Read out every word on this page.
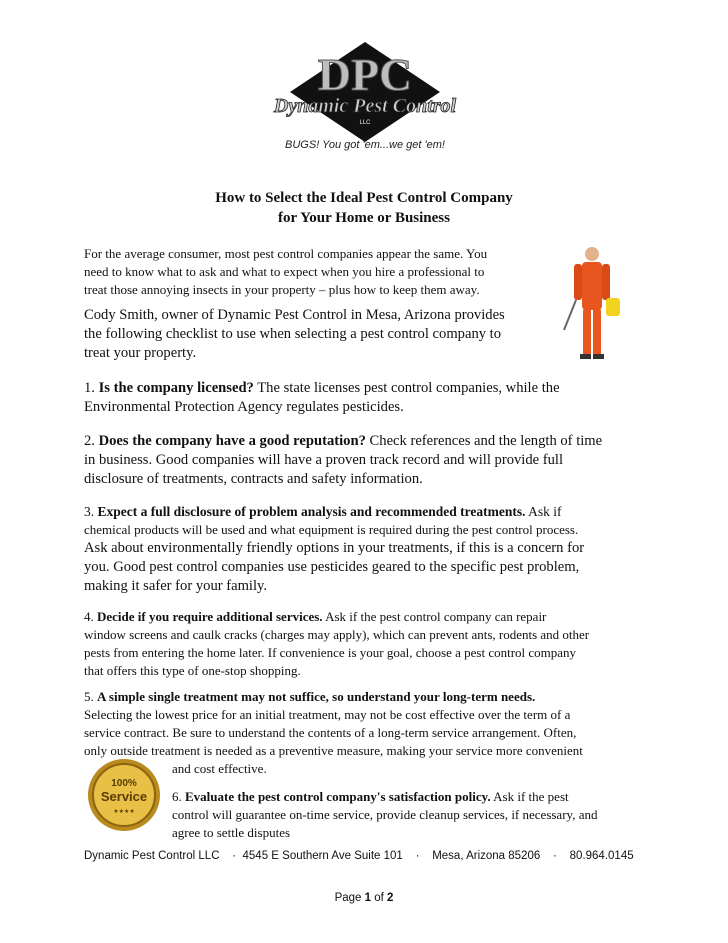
DPC
Dynamic Pest Control
LLC
BUGS! You got 'em...we get 'em!
How to Select the Ideal Pest Control Company
for Your Home or Business
For the average consumer, most pest control companies appear the same. You
need to know what to ask and what to expect when you hire a professional to
treat those annoying insects in your property – plus how to keep them away.
Cody Smith, owner of Dynamic Pest Control in Mesa, Arizona provides
the following checklist to use when selecting a pest control company to
treat your property.
1. Is the company licensed? The state licenses pest control companies, while the
Environmental Protection Agency regulates pesticides.
2. Does the company have a good reputation? Check references and the length of time
in business. Good companies will have a proven track record and will provide full
disclosure of treatments, contracts and safety information.
3. Expect a full disclosure of problem analysis and recommended treatments. Ask if
chemical products will be used and what equipment is required during the pest control process.
Ask about environmentally friendly options in your treatments, if this is a concern for
you. Good pest control companies use pesticides geared to the specific pest problem,
making it safer for your family.
4. Decide if you require additional services. Ask if the pest control company can repair
window screens and caulk cracks (charges may apply), which can prevent ants, rodents and other
pests from entering the home later. If convenience is your goal, choose a pest control company
that offers this type of one-stop shopping.
5. A simple single treatment may not suffice, so understand your long-term needs.
Selecting the lowest price for an initial treatment, may not be cost effective over the term of a
service contract. Be sure to understand the contents of a long-term service arrangement. Often,
only outside treatment is needed as a preventive measure, making your service more convenient
and cost effective.
100%
Service
★★★★
6. Evaluate the pest control company's satisfaction policy. Ask if the pest
control will guarantee on-time service, provide cleanup services, if necessary, and
agree to settle disputes
Dynamic Pest Control LLC · 4545 E Southern Ave Suite 101 · Mesa, Arizona 85206 · 80.964.0145
Page 1 of 2
